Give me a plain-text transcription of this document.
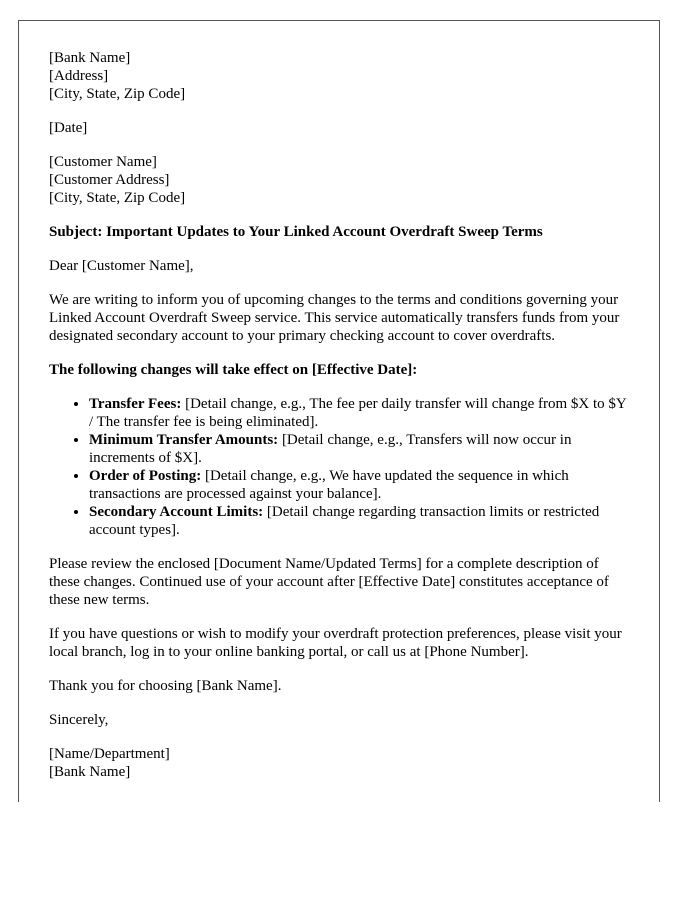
[Bank Name]
[Address]
[City, State, Zip Code]

[Date]

[Customer Name]
[Customer Address]
[City, State, Zip Code]

Subject: Important Updates to Your Linked Account Overdraft Sweep Terms

Dear [Customer Name],

We are writing to inform you of upcoming changes to the terms and conditions governing your Linked Account Overdraft Sweep service. This service automatically transfers funds from your designated secondary account to your primary checking account to cover overdrafts.

The following changes will take effect on [Effective Date]:

• Transfer Fees: [Detail change, e.g., The fee per daily transfer will change from $X to $Y / The transfer fee is being eliminated].
• Minimum Transfer Amounts: [Detail change, e.g., Transfers will now occur in increments of $X].
• Order of Posting: [Detail change, e.g., We have updated the sequence in which transactions are processed against your balance].
• Secondary Account Limits: [Detail change regarding transaction limits or restricted account types].

Please review the enclosed [Document Name/Updated Terms] for a complete description of these changes. Continued use of your account after [Effective Date] constitutes acceptance of these new terms.

If you have questions or wish to modify your overdraft protection preferences, please visit your local branch, log in to your online banking portal, or call us at [Phone Number].

Thank you for choosing [Bank Name].

Sincerely,

[Name/Department]
[Bank Name]
